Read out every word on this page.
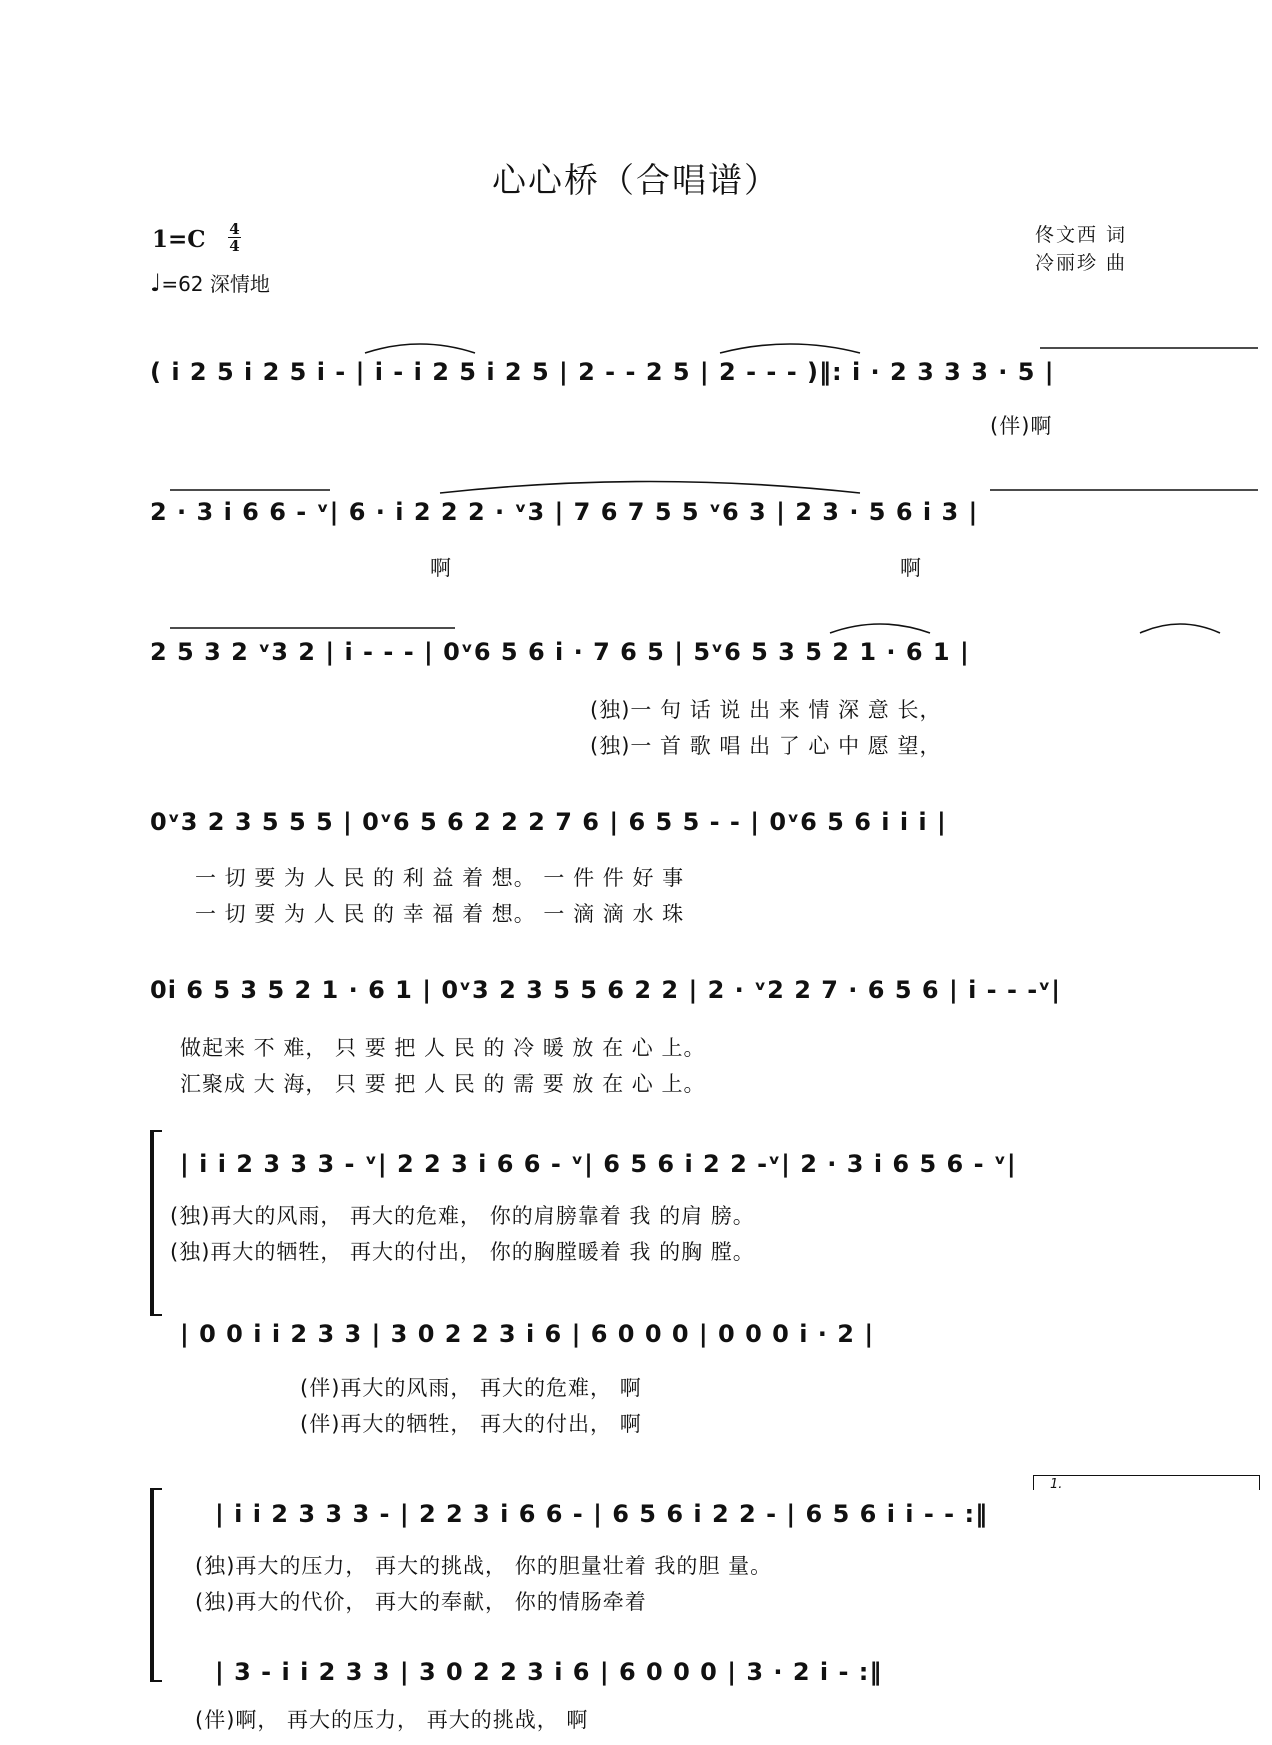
心心桥（合唱谱）
1=C 4
4
♩=62 深情地
佟文西 词
冷丽珍 曲
( i 2 5 i 2 5 i - | i - i 2 5 i 2 5 | 2 - - 2 5 | 2 - - - )‖: i · 2 3 3 3 · 5 |
(伴)啊
2 · 3 i 6 6 - ᵛ| 6 · i 2 2 2 · ᵛ3 | 7 6 7 5 5 ᵛ6 3 | 2 3 · 5 6 i 3 |
啊	啊
2 5 3 2 ᵛ3 2 | i - - - | 0ᵛ6 5 6 i · 7 6 5 | 5ᵛ6 5 3 5 2 1 · 6 1 |
(独)一 句 话 说 出 来 情 深 意 长，
(独)一 首 歌 唱 出 了 心 中 愿 望，
0ᵛ3 2 3 5 5 5 | 0ᵛ6 5 6 2 2 2 7 6 | 6 5 5 - - | 0ᵛ6 5 6 i i i |
一 切 要 为 人 民 的 利 益 着 想。 一 件 件 好 事
一 切 要 为 人 民 的 幸 福 着 想。 一 滴 滴 水 珠
0i 6 5 3 5 2 1 · 6 1 | 0ᵛ3 2 3 5 5 6 2 2 | 2 · ᵛ2 2 7 · 6 5 6 | i - - -ᵛ|
做起来 不 难， 只 要 把 人 民 的 冷 暖 放 在 心 上。
汇聚成 大 海， 只 要 把 人 民 的 需 要 放 在 心 上。
| i i 2 3 3 3 - ᵛ| 2 2 3 i 6 6 - ᵛ| 6 5 6 i 2 2 -ᵛ| 2 · 3 i 6 5 6 - ᵛ|
(独)再大的风雨， 再大的危难， 你的肩膀靠着 我 的肩 膀。
(独)再大的牺牲， 再大的付出， 你的胸膛暖着 我 的胸 膛。
| 0 0 i i 2 3 3 | 3 0 2 2 3 i 6 | 6 0 0 0 | 0 0 0 i · 2 |
(伴)再大的风雨， 再大的危难， 啊
(伴)再大的牺牲， 再大的付出， 啊
| i i 2 3 3 3 - | 2 2 3 i 6 6 - | 6 5 6 i 2 2 - | 6 5 6 i i - - :‖
(独)再大的压力， 再大的挑战， 你的胆量壮着 我的胆 量。
(独)再大的代价， 再大的奉献， 你的情肠牵着
| 3 - i i 2 3 3 | 3 0 2 2 3 i 6 | 6 0 0 0 | 3 · 2 i - :‖
(伴)啊， 再大的压力， 再大的挑战， 啊
1.
